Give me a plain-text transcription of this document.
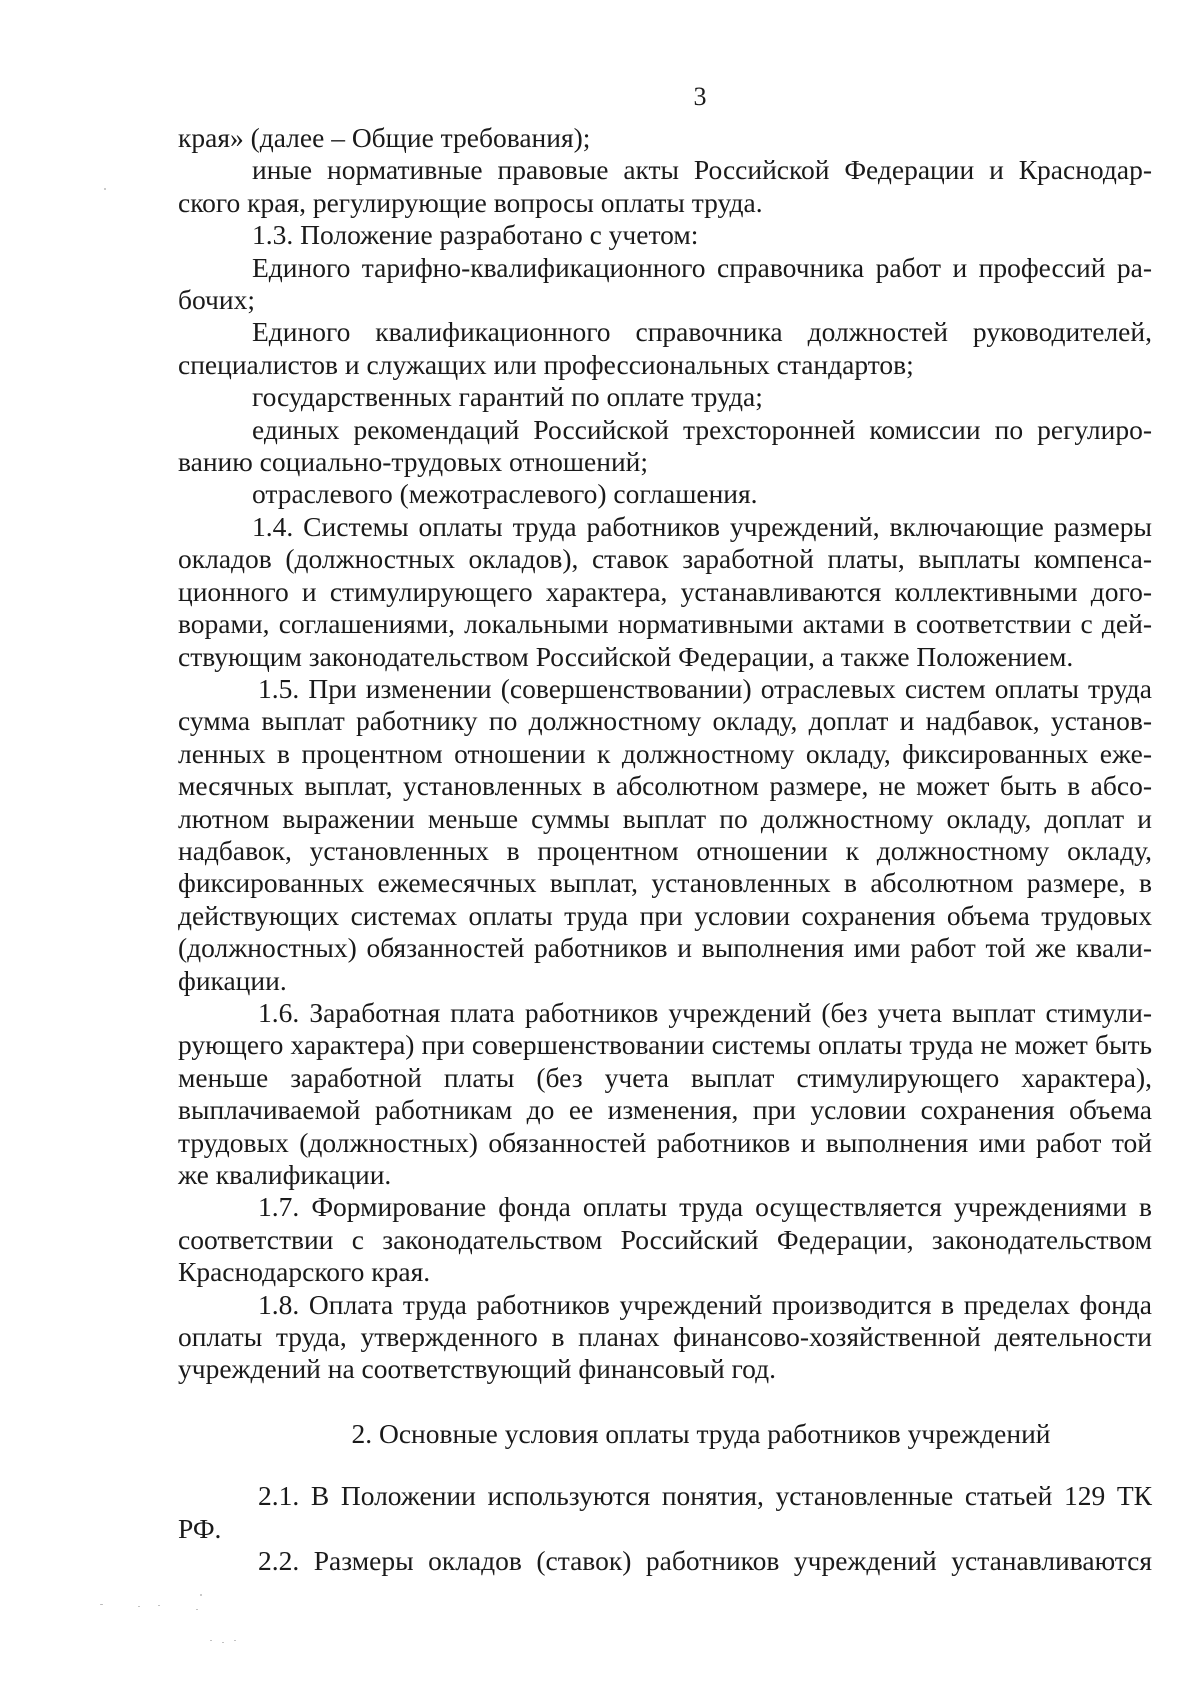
3

края» (далее – Общие требования);

иные нормативные правовые акты Российской Федерации и Краснодар-ского края, регулирующие вопросы оплаты труда.

1.3. Положение разработано с учетом:

Единого тарифно-квалификационного справочника работ и профессий ра-бочих;

Единого квалификационного справочника должностей руководителей, специалистов и служащих или профессиональных стандартов;

государственных гарантий по оплате труда;

единых рекомендаций Российской трехсторонней комиссии по регулиро-ванию социально-трудовых отношений;

отраслевого (межотраслевого) соглашения.

1.4. Системы оплаты труда работников учреждений, включающие размеры окладов (должностных окладов), ставок заработной платы, выплаты компенса-ционного и стимулирующего характера, устанавливаются коллективными дого-ворами, соглашениями, локальными нормативными актами в соответствии с дей-ствующим законодательством Российской Федерации, а также Положением.

1.5. При изменении (совершенствовании) отраслевых систем оплаты труда сумма выплат работнику по должностному окладу, доплат и надбавок, установ-ленных в процентном отношении к должностному окладу, фиксированных еже-месячных выплат, установленных в абсолютном размере, не может быть в абсо-лютном выражении меньше суммы выплат по должностному окладу, доплат и надбавок, установленных в процентном отношении к должностному окладу, фиксированных ежемесячных выплат, установленных в абсолютном размере, в действующих системах оплаты труда при условии сохранения объема трудовых (должностных) обязанностей работников и выполнения ими работ той же квали-фикации.

1.6. Заработная плата работников учреждений (без учета выплат стимули-рующего характера) при совершенствовании системы оплаты труда не может быть меньше заработной платы (без учета выплат стимулирующего характера), выплачиваемой работникам до ее изменения, при условии сохранения объема трудовых (должностных) обязанностей работников и выполнения ими работ той же квалификации.

1.7. Формирование фонда оплаты труда осуществляется учреждениями в соответствии с законодательством Российский Федерации, законодательством Краснодарского края.

1.8. Оплата труда работников учреждений производится в пределах фонда оплаты труда, утвержденного в планах финансово-хозяйственной деятельности учреждений на соответствующий финансовый год.

2. Основные условия оплаты труда работников учреждений

2.1. В Положении используются понятия, установленные статьей 129 ТК РФ.

2.2. Размеры окладов (ставок) работников учреждений устанавливаются
